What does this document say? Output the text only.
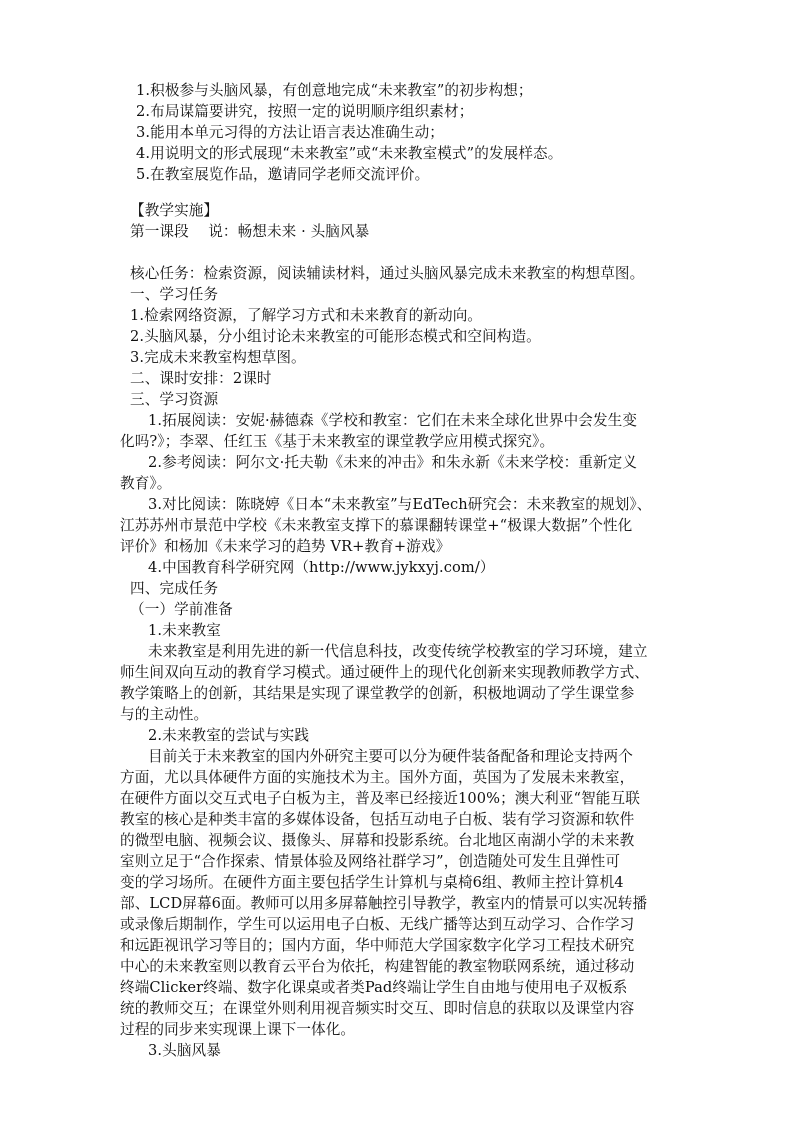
1.积极参与头脑风暴，有创意地完成“未来教室”的初步构想；
2.布局谋篇要讲究，按照一定的说明顺序组织素材；
3.能用本单元习得的方法让语言表达准确生动；
4.用说明文的形式展现“未来教室”或“未来教室模式”的发展样态。
5.在教室展览作品，邀请同学老师交流评价。
【教学实施】
第一课段　 说：畅想未来 · 头脑风暴
核心任务：检索资源，阅读辅读材料，通过头脑风暴完成未来教室的构想草图。
一、学习任务
1.检索网络资源，了解学习方式和未来教育的新动向。
2.头脑风暴，分小组讨论未来教室的可能形态模式和空间构造。
3.完成未来教室构想草图。
二、课时安排：2课时
三、学习资源
1.拓展阅读：安妮·赫德森《学校和教室：它们在未来全球化世界中会发生变
化吗?》；李翠、任红玉《基于未来教室的课堂教学应用模式探究》。
2.参考阅读：阿尔文·托夫勒《未来的冲击》和朱永新《未来学校：重新定义
教育》。
3.对比阅读：陈晓婷《日本“未来教室”与EdTech研究会：未来教室的规划》、
江苏苏州市景范中学校《未来教室支撑下的慕课翻转课堂+“极课大数据”个性化
评价》和杨加《未来学习的趋势 VR+教育+游戏》
4.中国教育科学研究网（http://www.jykxyj.com/）
四、完成任务
（一）学前准备
1.未来教室
未来教室是利用先进的新一代信息科技，改变传统学校教室的学习环境，建立
师生间双向互动的教育学习模式。通过硬件上的现代化创新来实现教师教学方式、
教学策略上的创新，其结果是实现了课堂教学的创新，积极地调动了学生课堂参
与的主动性。
2.未来教室的尝试与实践
目前关于未来教室的国内外研究主要可以分为硬件装备配备和理论支持两个
方面，尤以具体硬件方面的实施技术为主。国外方面，英国为了发展未来教室，
在硬件方面以交互式电子白板为主，普及率已经接近100%；澳大利亚“智能互联
教室的核心是种类丰富的多媒体设备，包括互动电子白板、装有学习资源和软件
的微型电脑、视频会议、摄像头、屏幕和投影系统。台北地区南湖小学的未来教
室则立足于“合作探索、情景体验及网络社群学习”，创造随处可发生且弹性可
变的学习场所。在硬件方面主要包括学生计算机与桌椅6组、教师主控计算机4
部、LCD屏幕6面。教师可以用多屏幕触控引导教学，教室内的情景可以实况转播
或录像后期制作，学生可以运用电子白板、无线广播等达到互动学习、合作学习
和远距视讯学习等目的；国内方面，华中师范大学国家数字化学习工程技术研究
中心的未来教室则以教育云平台为依托，构建智能的教室物联网系统，通过移动
终端Clicker终端、数字化课桌或者类Pad终端让学生自由地与使用电子双板系
统的教师交互；在课堂外则利用视音频实时交互、即时信息的获取以及课堂内容
过程的同步来实现课上课下一体化。
3.头脑风暴
